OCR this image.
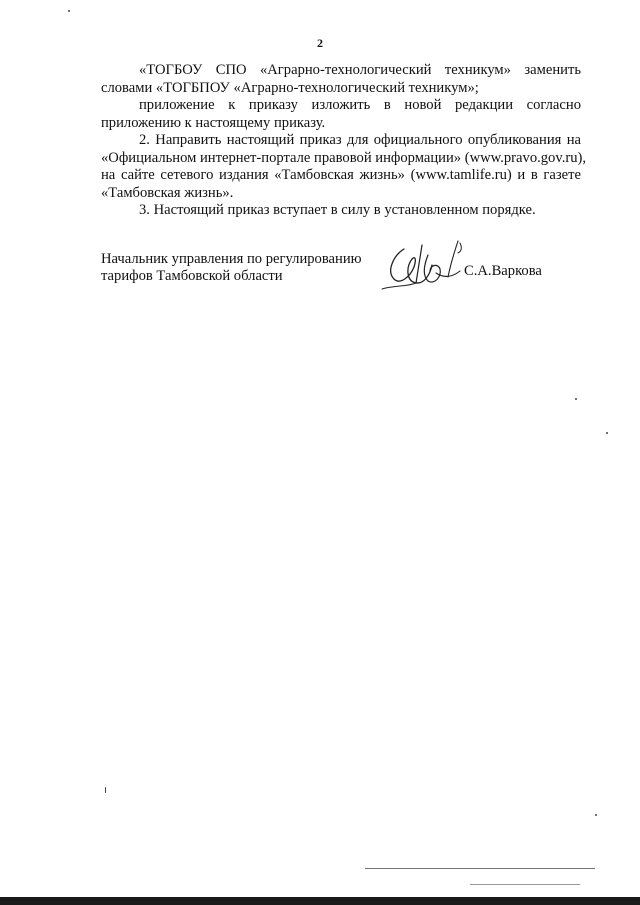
2
«ТОГБОУ СПО «Аграрно-технологический техникум» заменить
словами «ТОГБПОУ «Аграрно-технологический техникум»;
приложение к приказу изложить в новой редакции согласно
приложению к настоящему приказу.
2. Направить настоящий приказ для официального опубликования на
«Официальном интернет-портале правовой информации» (www.pravo.gov.ru),
на сайте сетевого издания «Тамбовская жизнь» (www.tamlife.ru) и в газете
«Тамбовская жизнь».
3. Настоящий приказ вступает в силу в установленном порядке.
Начальник управления по регулированию
тарифов Тамбовской области	С.А.Варкова
